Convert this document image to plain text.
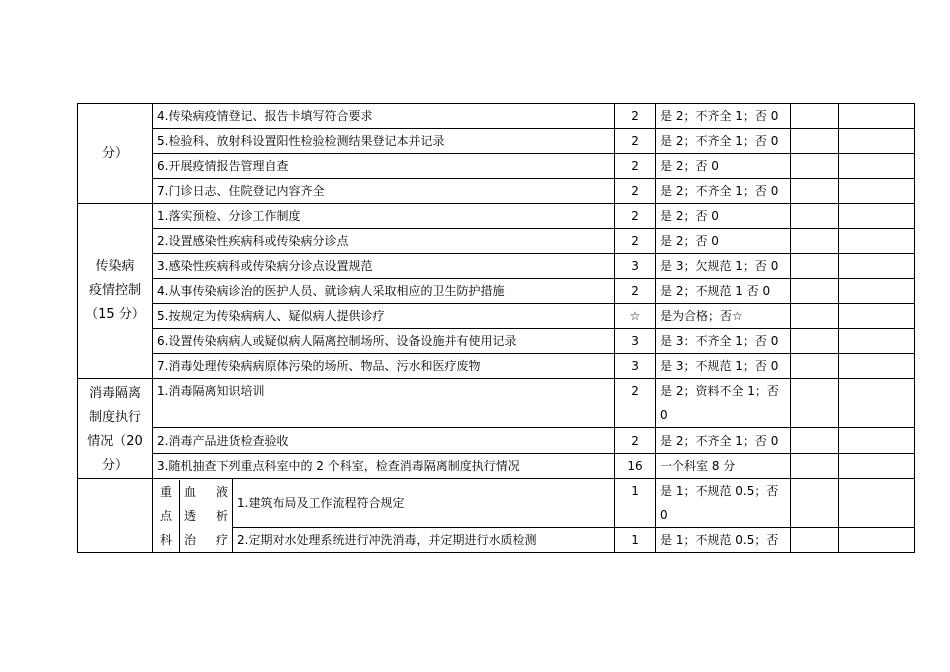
分）
	4.传染病疫情登记、报告卡填写符合要求	2	是 2；不齐全 1；否 0		
5.检验科、放射科设置阳性检验检测结果登记本并记录	2	是 2；不齐全 1；否 0		
6.开展疫情报告管理自查	2	是 2；否 0		
7.门诊日志、住院登记内容齐全	2	是 2；不齐全 1；否 0		

传染病
疫情控制
（15 分）
	1.落实预检、分诊工作制度	2	是 2；否 0		
2.设置感染性疾病科或传染病分诊点	2	是 2；否 0		
3.感染性疾病科或传染病分诊点设置规范	3	是 3；欠规范 1；否 0		
4.从事传染病诊治的医护人员、就诊病人采取相应的卫生防护措施	2	是 2；不规范 1 否 0		
5.按规定为传染病病人、疑似病人提供诊疗	☆	是为合格；否☆		
6.设置传染病病人或疑似病人隔离控制场所、设备设施并有使用记录	3	是 3：不齐全 1；否 0		
7.消毒处理传染病病原体污染的场所、物品、污水和医疗废物	3	是 3；不规范 1；否 0		

消毒隔离
制度执行
情况（20
分）
	1.消毒隔离知识培训	2	是 2；资料不全 1；否
0

2.消毒产品进货检查验收	2	是 2；不齐全 1；否 0		
3.随机抽查下列重点科室中的 2 个科室，检查消毒隔离制度执行情况	16	一个科室 8 分		

重
点
科

血 液
透 析
治 疗
	1.建筑布局及工作流程符合规定	1	是 1；不规范 0.5；否
0

2.定期对水处理系统进行冲洗消毒，并定期进行水质检测	1	是 1；不规范 0.5；否		
